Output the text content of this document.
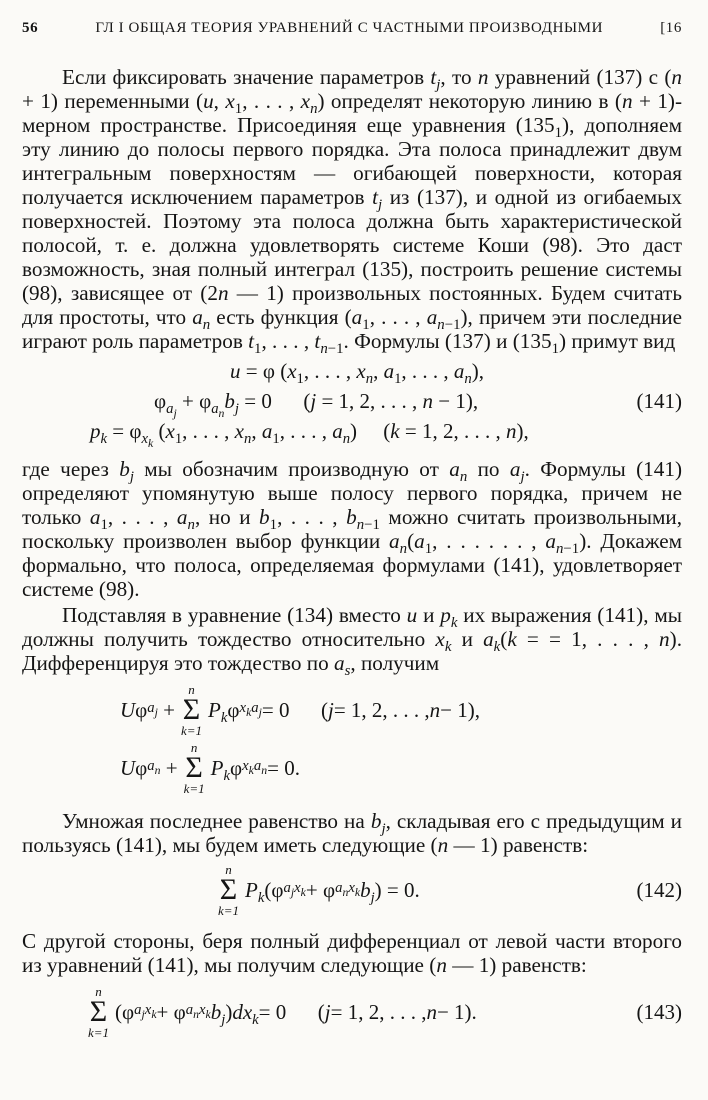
56	ГЛ I ОБЩАЯ ТЕОРИЯ УРАВНЕНИЙ С ЧАСТНЫМИ ПРОИЗВОДНЫМИ	[16

Если фиксировать значение параметров $t_j$, то n уравнений (137) с (n + 1) переменными (u, $x_1$, . . . , $x_n$) определят некоторую линию в (n + 1)-мерном пространстве. Присоединяя еще уравнения $(135_1)$, дополняем эту линию до полосы первого порядка. Эта полоса принадлежит двум интегральным поверхностям — огибающей поверхности, которая получается исключением параметров $t_j$ из (137), и одной из огибаемых поверхностей. Поэтому эта полоса должна быть характеристической полосой, т. е. должна удовлетворять системе Коши (98). Это даст возможность, зная полный интеграл (135), построить решение системы (98), зависящее от (2n — 1) произвольных постоянных. Будем считать для простоты, что $a_n$ есть функция ($a_1$, . . . , $a_{n-1}$), причем эти последние играют роль параметров $t_1$, . . . , $t_{n-1}$. Формулы (137) и $(135_1)$ примут вид

u = φ ($x_1$, . . . , $x_n$, $a_1$, . . . , $a_n$),
$\varphi_{a_j} + \varphi_{a_n}b_j = 0$      (j = 1, 2, . . . , n − 1),	(141)
$p_k = \varphi_{x_k}$ ($x_1$, . . . , $x_n$, $a_1$, . . . , $a_n$)     (k = 1, 2, . . . , n),

где через $b_j$ мы обозначим производную от $a_n$ по $a_j$. Формулы (141) определяют упомянутую выше полосу первого порядка, причем не только $a_1$, . . . , $a_n$, но и $b_1$, . . . , $b_{n-1}$ можно считать произвольными, поскольку произволен выбор функции $a_n(a_1$, . . . . . . , $a_{n-1}$). Докажем формально, что полоса, определяемая формулами (141), удовлетворяет системе (98).

Подставляя в уравнение (134) вместо u и $p_k$ их выражения (141), мы должны получить тождество относительно $x_k$ и $a_k(k$ = = 1, . . . , n). Дифференцируя это тождество по $a_s$, получим

U φ $a_j$ +
n
Σ
k=1
$P_k$ φ $x_ka_j = 0$      ( j = 1, 2, . . . , n − 1),
U φ $a_n$ +
n
Σ
k=1
$P_k$ φ $x_ka_n = 0$.

Умножая последнее равенство на $b_j$, складывая его с предыдущим и пользуясь (141), мы будем иметь следующие (n — 1) равенств:

n
Σ
k=1
$P_k$ (φ $a_jx_k + \varphi$ $a_nx_k$ $b_j$ ) = 0.	(142)

С другой стороны, беря полный дифференциал от левой части второго из уравнений (141), мы получим следующие (n — 1) равенств:

n
Σ
k=1
(φ $a_jx_k + \varphi$ $a_nx_k$ $b_j$ ) $dx_k = 0$      ( j = 1, 2, . . . , n − 1).	(143)
